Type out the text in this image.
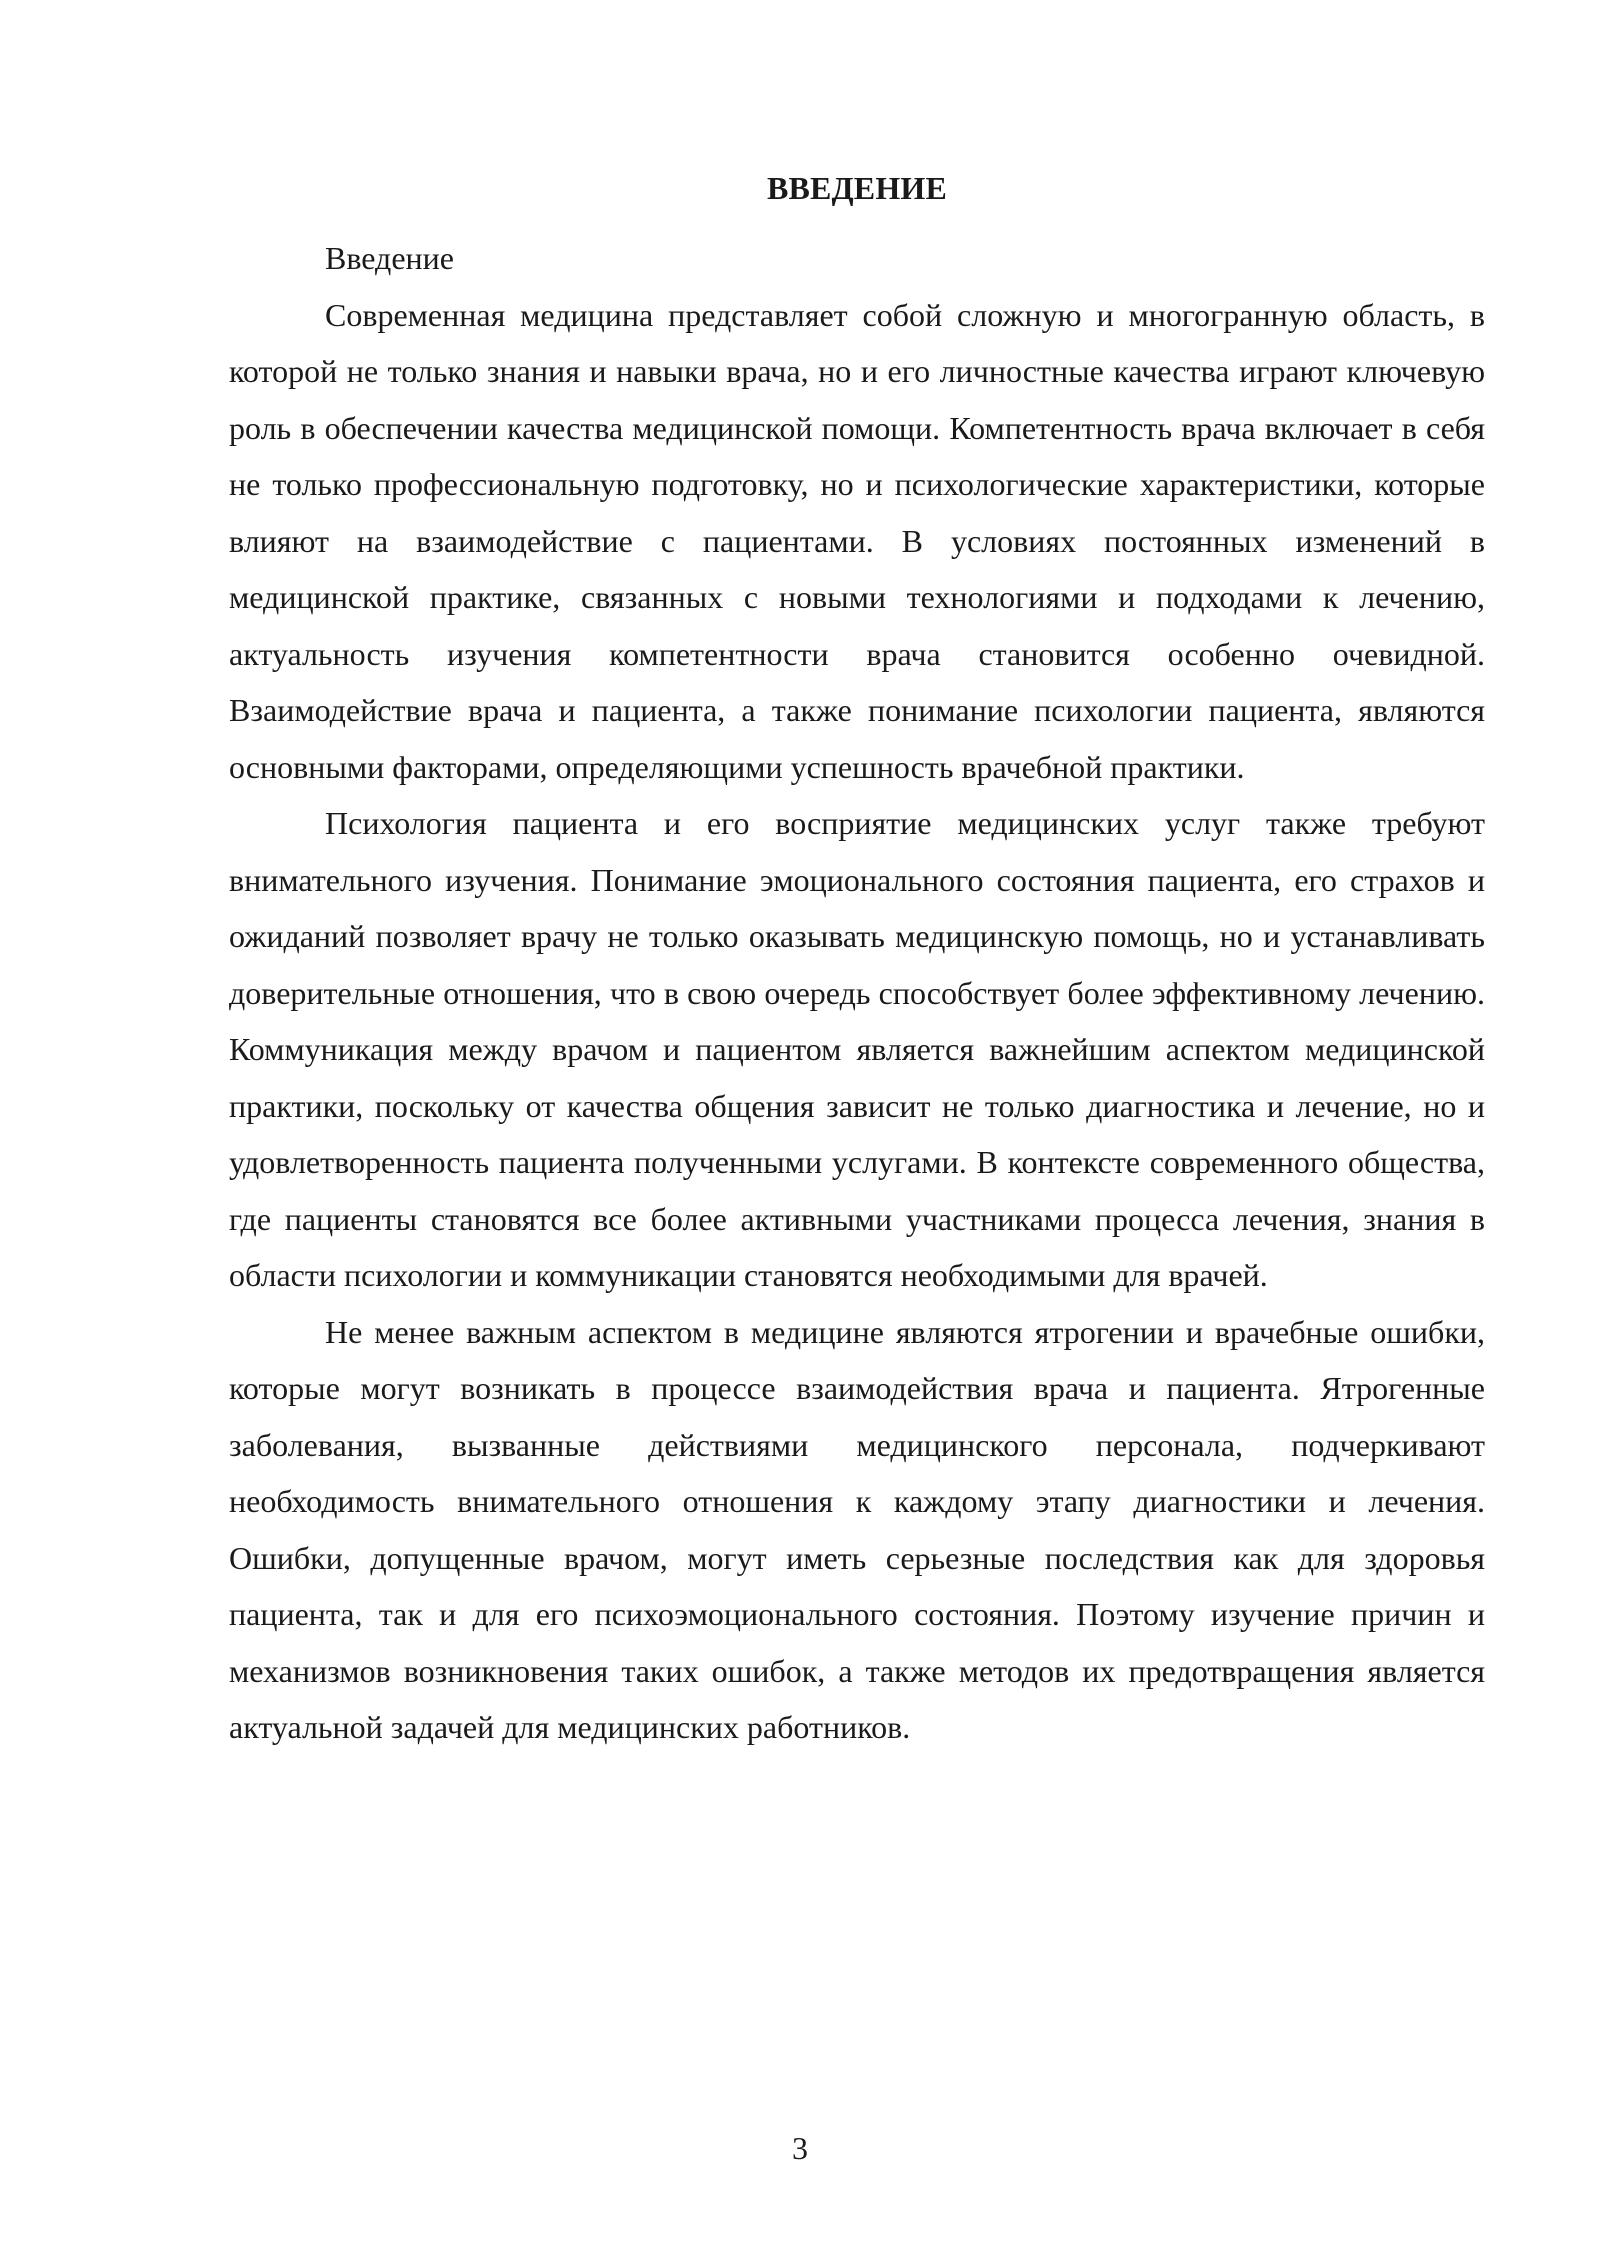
ВВЕДЕНИЕ

Введение

Современная медицина представляет собой сложную и многогранную область, в которой не только знания и навыки врача, но и его личностные качества играют ключевую роль в обеспечении качества медицинской помощи. Компетентность врача включает в себя не только профессиональную подготовку, но и психологические характеристики, которые влияют на взаимодействие с пациентами. В условиях постоянных изменений в медицинской практике, связанных с новыми технологиями и подходами к лечению, актуальность изучения компетентности врача становится особенно очевидной. Взаимодействие врача и пациента, а также понимание психологии пациента, являются основными факторами, определяющими успешность врачебной практики.

Психология пациента и его восприятие медицинских услуг также требуют внимательного изучения. Понимание эмоционального состояния пациента, его страхов и ожиданий позволяет врачу не только оказывать медицинскую помощь, но и устанавливать доверительные отношения, что в свою очередь способствует более эффективному лечению. Коммуникация между врачом и пациентом является важнейшим аспектом медицинской практики, поскольку от качества общения зависит не только диагностика и лечение, но и удовлетворенность пациента полученными услугами. В контексте современного общества, где пациенты становятся все более активными участниками процесса лечения, знания в области психологии и коммуникации становятся необходимыми для врачей.

Не менее важным аспектом в медицине являются ятрогении и врачебные ошибки, которые могут возникать в процессе взаимодействия врача и пациента. Ятрогенные заболевания, вызванные действиями медицинского персонала, подчеркивают необходимость внимательного отношения к каждому этапу диагностики и лечения. Ошибки, допущенные врачом, могут иметь серьезные последствия как для здоровья пациента, так и для его психоэмоционального состояния. Поэтому изучение причин и механизмов возникновения таких ошибок, а также методов их предотвращения является актуальной задачей для медицинских работников.

3
